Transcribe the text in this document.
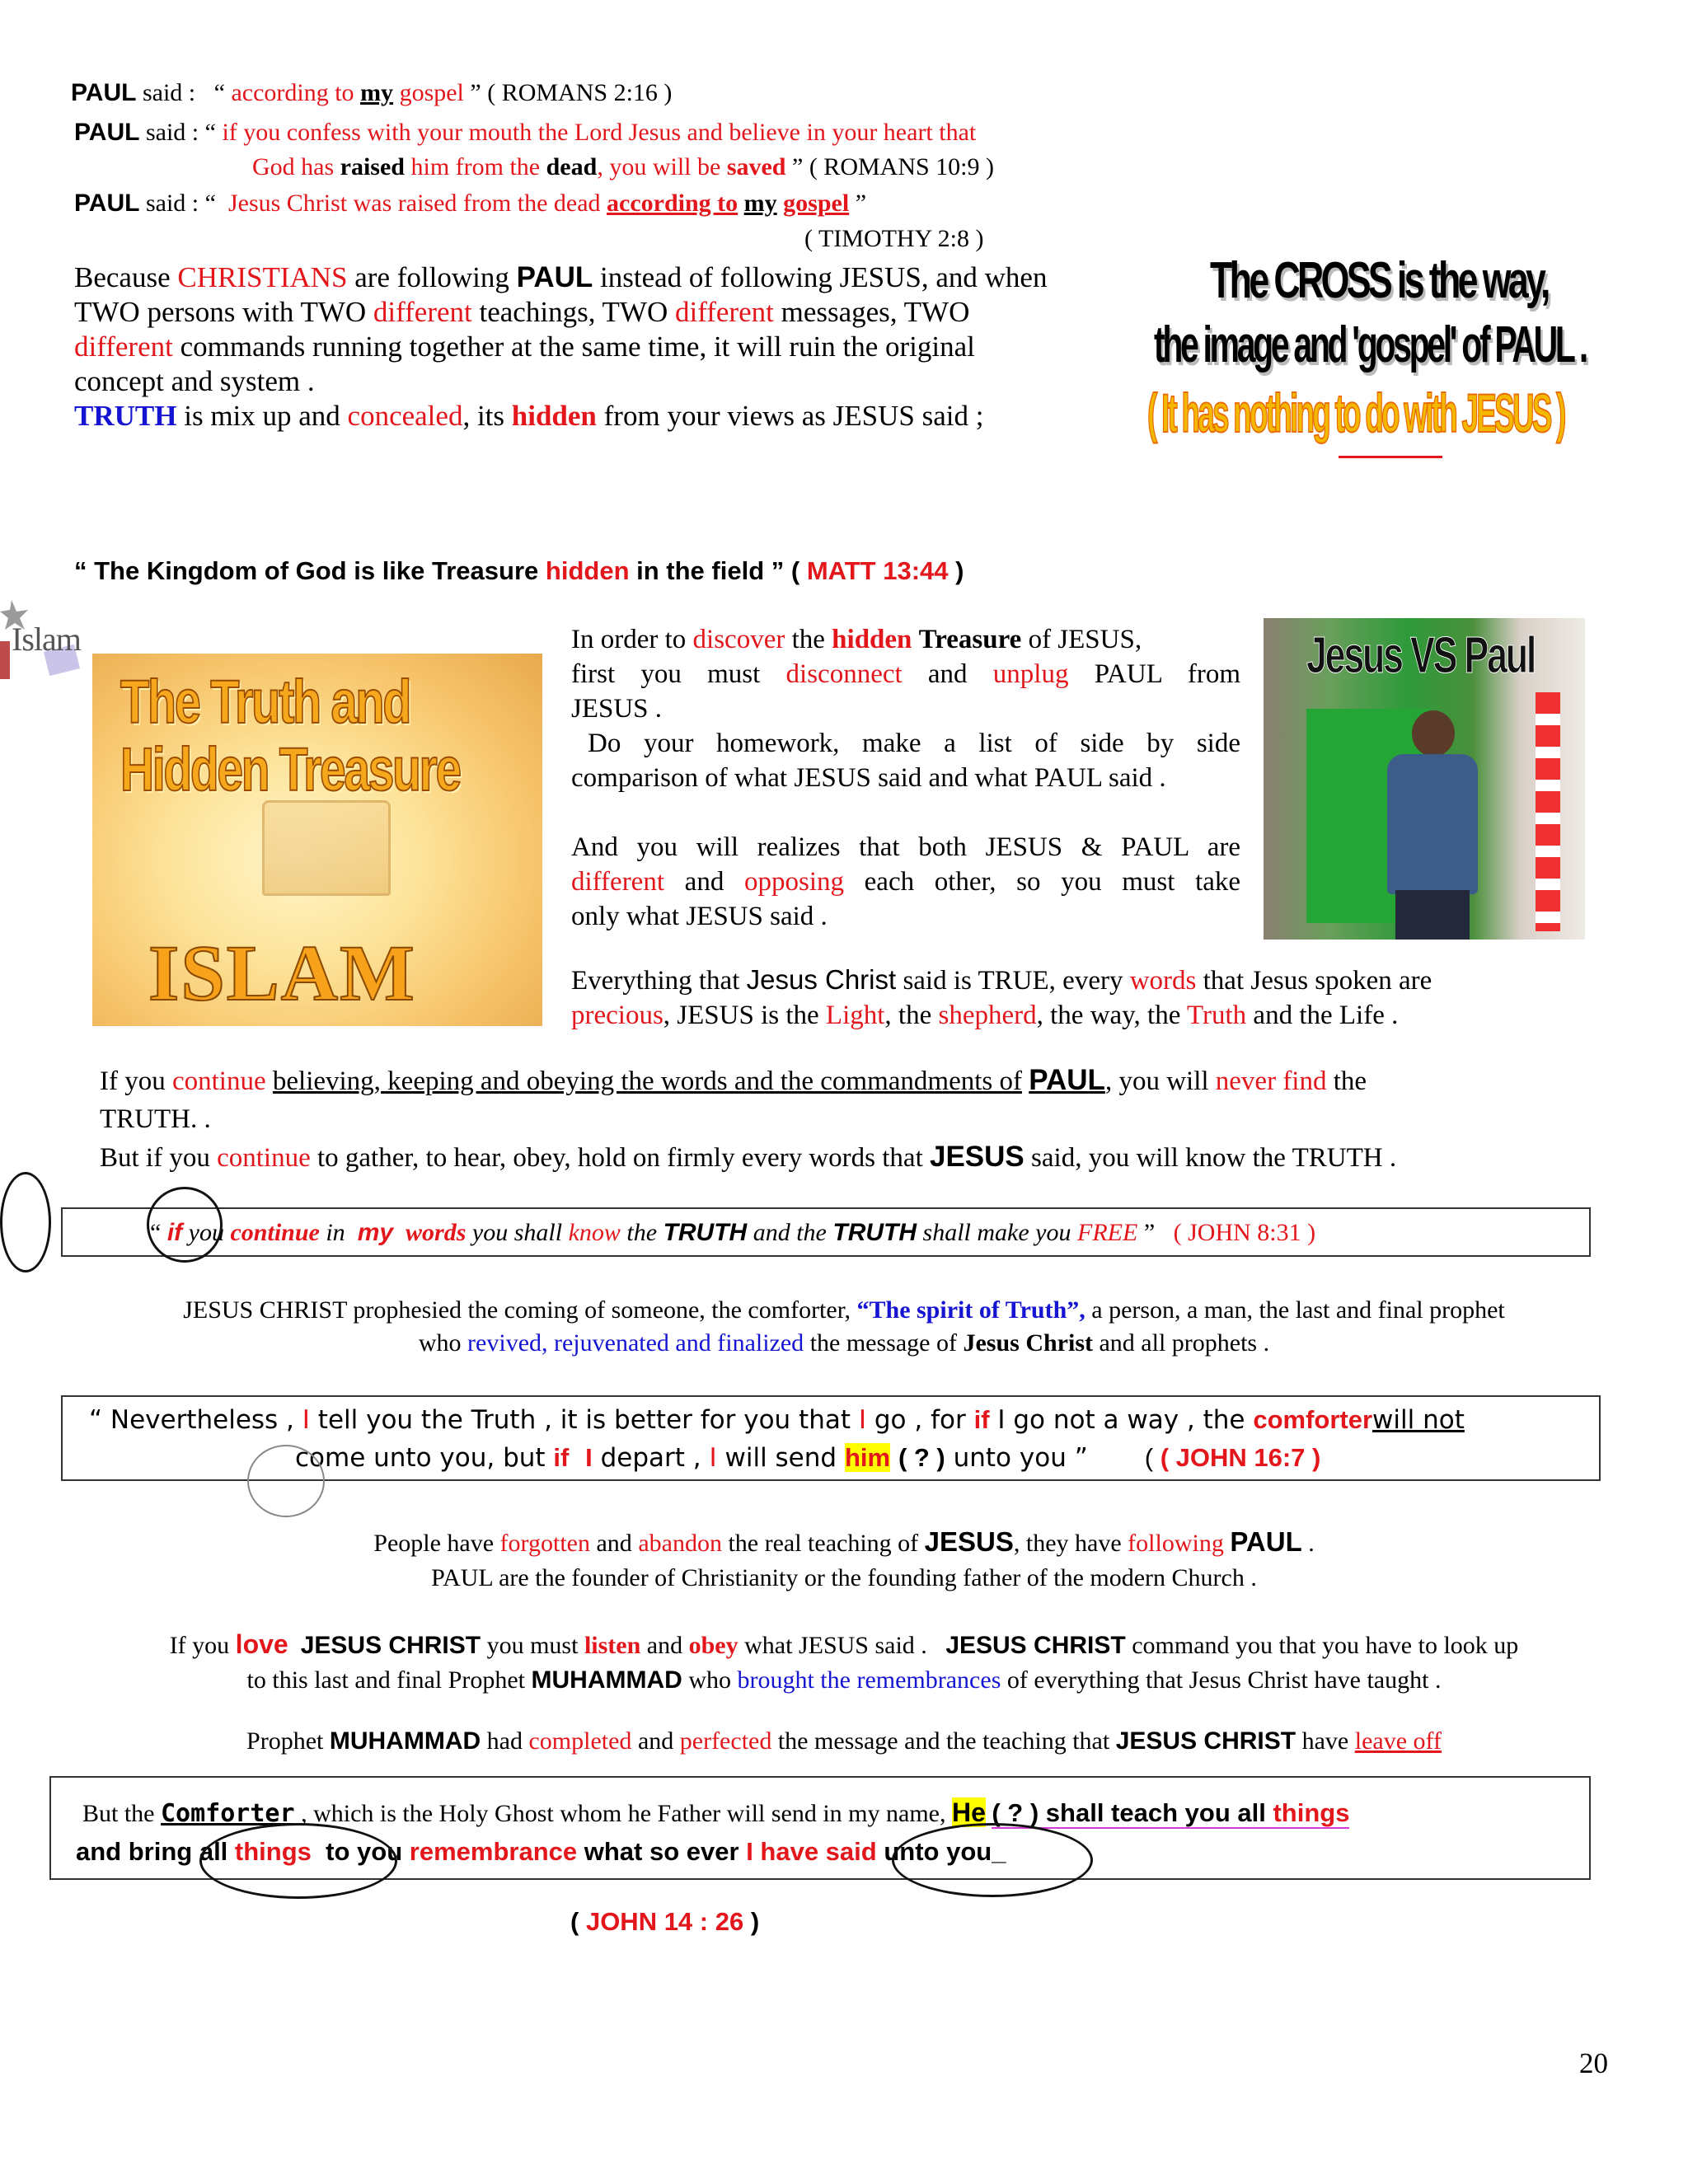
PAUL said : “ according to my gospel ” ( ROMANS 2:16 )
PAUL said : “ if you confess with your mouth the Lord Jesus and believe in your heart that
God has raised him from the dead, you will be saved ” ( ROMANS 10:9 )
PAUL said : “ Jesus Christ was raised from the dead according to my gospel ”
( TIMOTHY 2:8 )
Because CHRISTIANS are following PAUL instead of following JESUS, and when
TWO persons with TWO different teachings, TWO different messages, TWO
different commands running together at the same time, it will ruin the original
concept and system .
TRUTH is mix up and concealed, its hidden from your views as JESUS said ;
The CROSS is the way,
the image and 'gospel' of PAUL .
( It has nothing to do with JESUS )
“ The Kingdom of God is like Treasure hidden in the field ” ( MATT 13:44 )
Islam
The Truth and
Hidden Treasure
ISLAM
Jesus VS Paul
In order to discover the hidden Treasure of JESUS,
first you must disconnect and unplug PAUL from
JESUS .
Do your homework, make a list of side by side
comparison of what JESUS said and what PAUL said .
And you will realizes that both JESUS & PAUL are
different and opposing each other, so you must take
only what JESUS said .
Everything that Jesus Christ said is TRUE, every words that Jesus spoken are
precious, JESUS is the Light, the shepherd, the way, the Truth and the Life .
If you continue believing, keeping and obeying the words and the commandments of PAUL, you will never find the
TRUTH. .
But if you continue to gather, to hear, obey, hold on firmly every words that JESUS said, you will know the TRUTH .
“ if you continue in my words you shall know the TRUTH and the TRUTH shall make you FREE ” ( JOHN 8:31 )
JESUS CHRIST prophesied the coming of someone, the comforter, “The spirit of Truth”, a person, a man, the last and final prophet
who revived, rejuvenated and finalized the message of Jesus Christ and all prophets .
“ Nevertheless , I tell you the Truth , it is better for you that I go , for if I go not a way , the comforterwill not
come unto you, but if I depart , I will send him ( ? ) unto you ” ( ( JOHN 16:7 )
People have forgotten and abandon the real teaching of JESUS, they have following PAUL .
PAUL are the founder of Christianity or the founding father of the modern Church .
If you love JESUS CHRIST you must listen and obey what JESUS said . JESUS CHRIST command you that you have to look up
to this last and final Prophet MUHAMMAD who brought the remembrances of everything that Jesus Christ have taught .
Prophet MUHAMMAD had completed and perfected the message and the teaching that JESUS CHRIST have leave off
But the Comforter , which is the Holy Ghost whom he Father will send in my name, He ( ? ) shall teach you all things
and bring all things to you remembrance what so ever I have said unto you_
( JOHN 14 : 26 )
20
